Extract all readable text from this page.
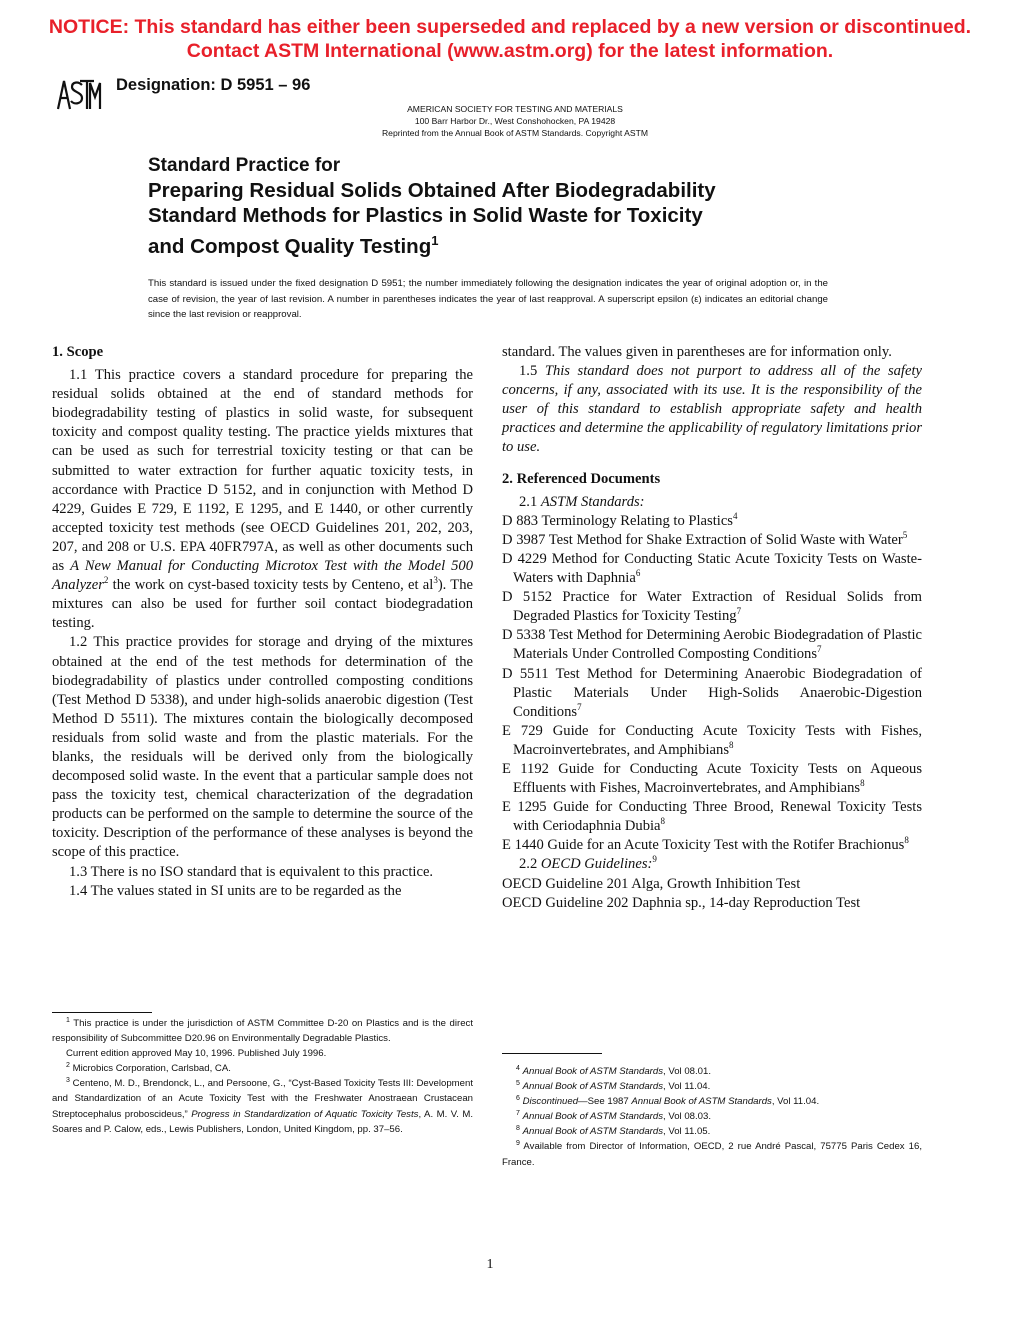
NOTICE: This standard has either been superseded and replaced by a new version or discontinued.
Contact ASTM International (www.astm.org) for the latest information.
Designation: D 5951 – 96
AMERICAN SOCIETY FOR TESTING AND MATERIALS
100 Barr Harbor Dr., West Conshohocken, PA 19428
Reprinted from the Annual Book of ASTM Standards. Copyright ASTM
Standard Practice for
Preparing Residual Solids Obtained After Biodegradability
Standard Methods for Plastics in Solid Waste for Toxicity
and Compost Quality Testing$^1$
This standard is issued under the fixed designation D 5951; the number immediately following the designation indicates the year of original adoption or, in the case of revision, the year of last revision. A number in parentheses indicates the year of last reapproval. A superscript epsilon (ε) indicates an editorial change since the last revision or reapproval.

1. Scope

1.1 This practice covers a standard procedure for preparing the residual solids obtained at the end of standard methods for biodegradability testing of plastics in solid waste, for subsequent toxicity and compost quality testing. The practice yields mixtures that can be used as such for terrestrial toxicity testing or that can be submitted to water extraction for further aquatic toxicity tests, in accordance with Practice D 5152, and in conjunction with Method D 4229, Guides E 729, E 1192, E 1295, and E 1440, or other currently accepted toxicity test methods (see OECD Guidelines 201, 202, 203, 207, and 208 or U.S. EPA 40FR797A, as well as other documents such as A New Manual for Conducting Microtox Test with the Model 500 Analyzer$^2$ the work on cyst-based toxicity tests by Centeno, et $al^3$). The mixtures can also be used for further soil contact biodegradation testing.

1.2 This practice provides for storage and drying of the mixtures obtained at the end of the test methods for determination of the biodegradability of plastics under controlled composting conditions (Test Method D 5338), and under high-solids anaerobic digestion (Test Method D 5511). The mixtures contain the biologically decomposed residuals from solid waste and from the plastic materials. For the blanks, the residuals will be derived only from the biologically decomposed solid waste. In the event that a particular sample does not pass the toxicity test, chemical characterization of the degradation products can be performed on the sample to determine the source of the toxicity. Description of the performance of these analyses is beyond the scope of this practice.

1.3 There is no ISO standard that is equivalent to this practice.

1.4 The values stated in SI units are to be regarded as the

standard. The values given in parentheses are for information only.

1.5 This standard does not purport to address all of the safety concerns, if any, associated with its use. It is the responsibility of the user of this standard to establish appropriate safety and health practices and determine the applicability of regulatory limitations prior to use.

2. Referenced Documents

2.1 ASTM Standards:

D 883 Terminology Relating to Plastics$^4$

D 3987 Test Method for Shake Extraction of Solid Waste with Water$^5$

D 4229 Method for Conducting Static Acute Toxicity Tests on Waste-Waters with Daphnia$^6$

D 5152 Practice for Water Extraction of Residual Solids from Degraded Plastics for Toxicity Testing$^7$

D 5338 Test Method for Determining Aerobic Biodegradation of Plastic Materials Under Controlled Composting Conditions$^7$

D 5511 Test Method for Determining Anaerobic Biodegradation of Plastic Materials Under High-Solids Anaerobic-Digestion Conditions$^7$

E 729 Guide for Conducting Acute Toxicity Tests with Fishes, Macroinvertebrates, and Amphibians$^8$

E 1192 Guide for Conducting Acute Toxicity Tests on Aqueous Effluents with Fishes, Macroinvertebrates, and Amphibians$^8$

E 1295 Guide for Conducting Three Brood, Renewal Toxicity Tests with Ceriodaphnia Dubia$^8$

E 1440 Guide for an Acute Toxicity Test with the Rotifer Brachionus$^8$

2.2 OECD Guidelines:$^9$

OECD Guideline 201 Alga, Growth Inhibition Test

OECD Guideline 202 Daphnia sp., 14-day Reproduction Test

$^1$ This practice is under the jurisdiction of ASTM Committee D-20 on Plastics and is the direct responsibility of Subcommittee D20.96 on Environmentally Degradable Plastics.

Current edition approved May 10, 1996. Published July 1996.

$^2$ Microbics Corporation, Carlsbad, CA.

$^3$ Centeno, M. D., Brendonck, L., and Persoone, G., “Cyst-Based Toxicity Tests III: Development and Standardization of an Acute Toxicity Test with the Freshwater Anostraean Crustacean Streptocephalus proboscideus,” Progress in Standardization of Aquatic Toxicity Tests, A. M. V. M. Soares and P. Calow, eds., Lewis Publishers, London, United Kingdom, pp. 37–56.

$^4$ Annual Book of ASTM Standards, Vol 08.01.

$^5$ Annual Book of ASTM Standards, Vol 11.04.

$^6$ Discontinued—See 1987 Annual Book of ASTM Standards, Vol 11.04.

$^7$ Annual Book of ASTM Standards, Vol 08.03.

$^8$ Annual Book of ASTM Standards, Vol 11.05.

$^9$ Available from Director of Information, OECD, 2 rue André Pascal, 75775 Paris Cedex 16, France.

1
